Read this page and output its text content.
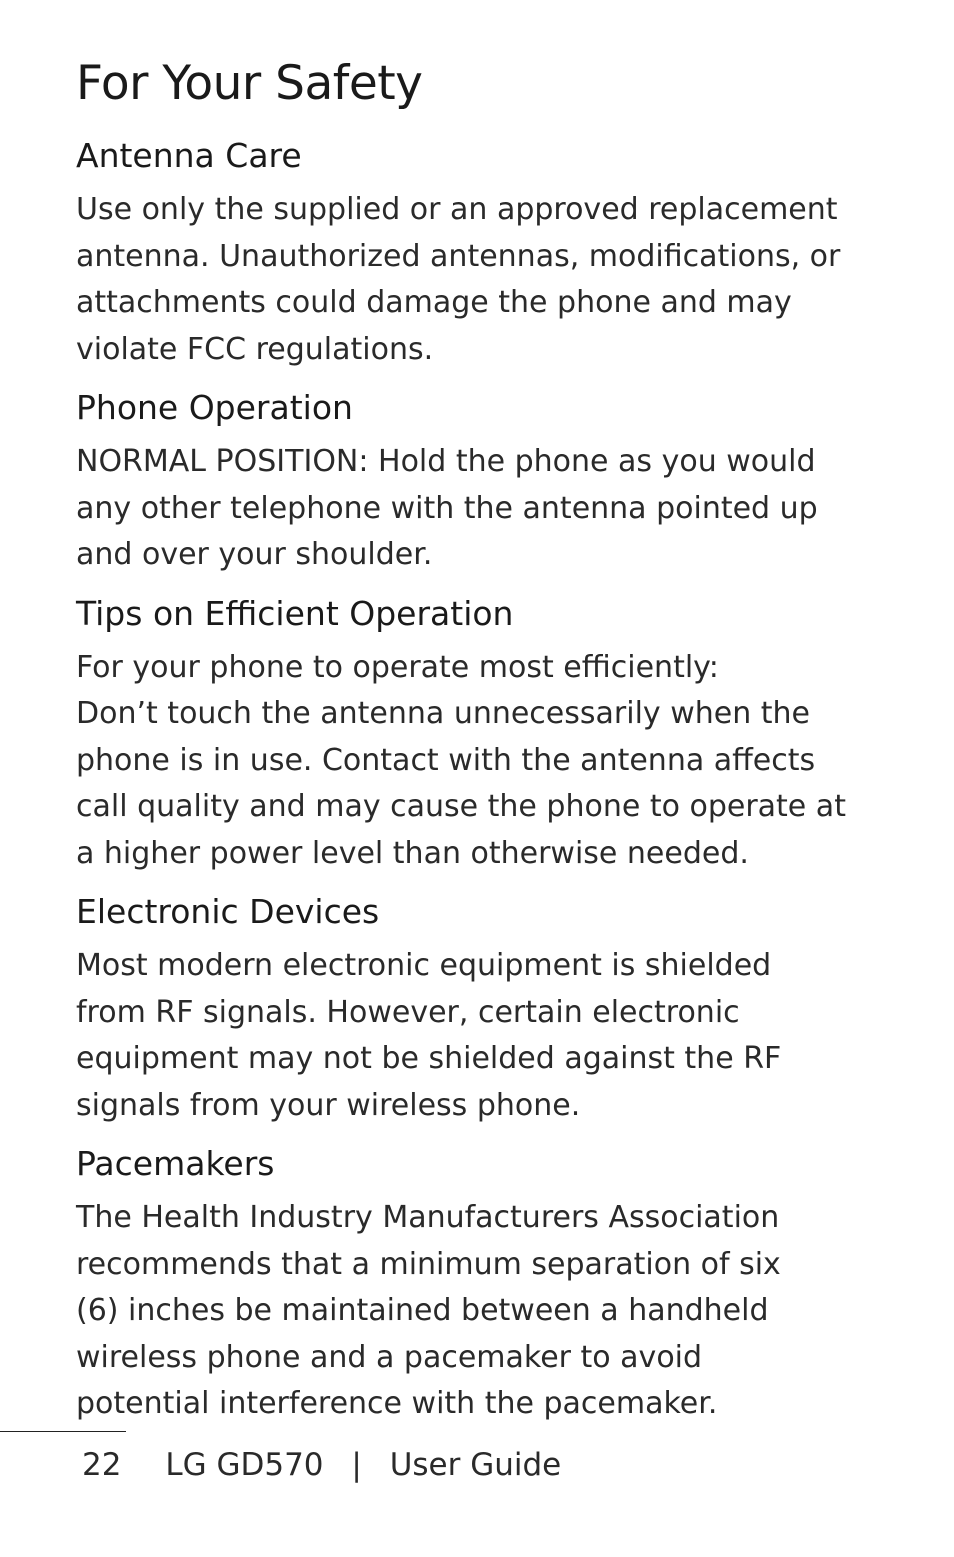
For Your Safety
Antenna Care

Use only the supplied or an approved replacement
antenna. Unauthorized antennas, modifications, or
attachments could damage the phone and may
violate FCC regulations.

Phone Operation

NORMAL POSITION: Hold the phone as you would
any other telephone with the antenna pointed up
and over your shoulder.

Tips on Efficient Operation

For your phone to operate most efficiently:
Don’t touch the antenna unnecessarily when the
phone is in use. Contact with the antenna affects
call quality and may cause the phone to operate at
a higher power level than otherwise needed.

Electronic Devices

Most modern electronic equipment is shielded
from RF signals. However, certain electronic
equipment may not be shielded against the RF
signals from your wireless phone.

Pacemakers

The Health Industry Manufacturers Association
recommends that a minimum separation of six
(6) inches be maintained between a handheld
wireless phone and a pacemaker to avoid
potential interference with the pacemaker.

22 LG GD570 | User Guide
